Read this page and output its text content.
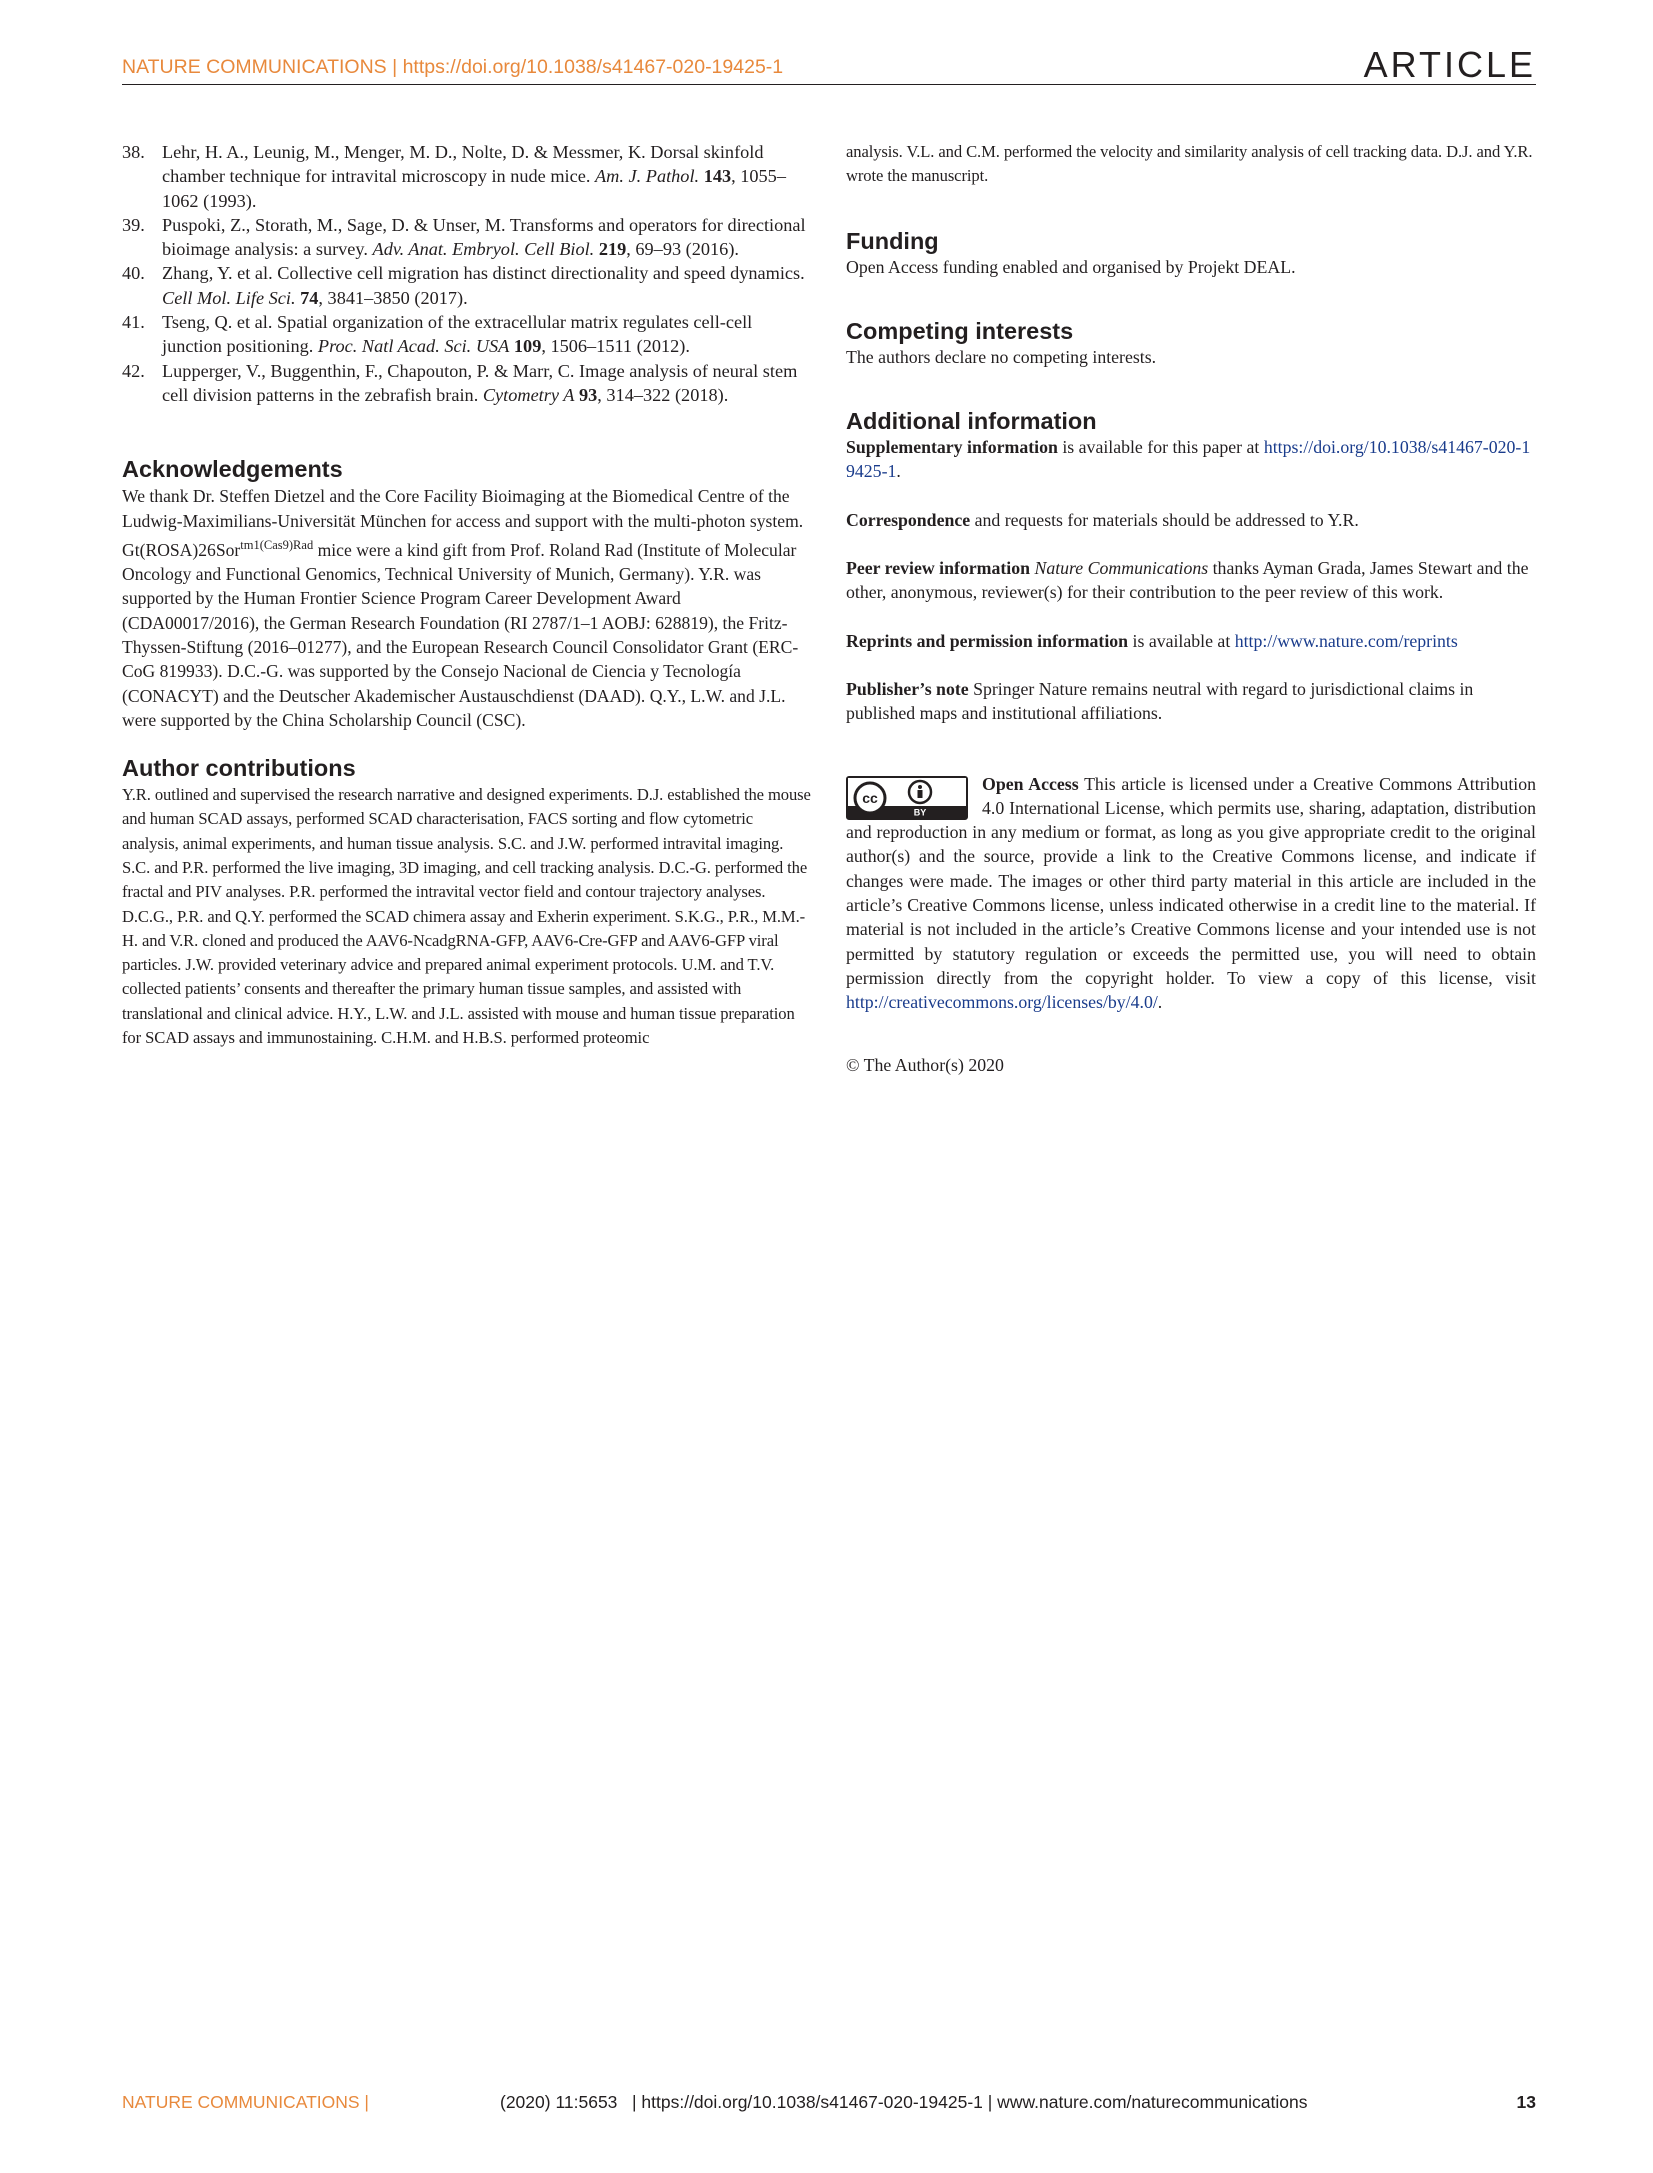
NATURE COMMUNICATIONS | https://doi.org/10.1038/s41467-020-19425-1	ARTICLE
38. Lehr, H. A., Leunig, M., Menger, M. D., Nolte, D. & Messmer, K. Dorsal skinfold chamber technique for intravital microscopy in nude mice. Am. J. Pathol. 143, 1055–1062 (1993).
39. Puspoki, Z., Storath, M., Sage, D. & Unser, M. Transforms and operators for directional bioimage analysis: a survey. Adv. Anat. Embryol. Cell Biol. 219, 69–93 (2016).
40. Zhang, Y. et al. Collective cell migration has distinct directionality and speed dynamics. Cell Mol. Life Sci. 74, 3841–3850 (2017).
41. Tseng, Q. et al. Spatial organization of the extracellular matrix regulates cell-cell junction positioning. Proc. Natl Acad. Sci. USA 109, 1506–1511 (2012).
42. Lupperger, V., Buggenthin, F., Chapouton, P. & Marr, C. Image analysis of neural stem cell division patterns in the zebrafish brain. Cytometry A 93, 314–322 (2018).
Acknowledgements

We thank Dr. Steffen Dietzel and the Core Facility Bioimaging at the Biomedical Centre of the Ludwig-Maximilians-Universität München for access and support with the multi-photon system. Gt(ROSA)26Sor$^{tm1(Cas9)Rad}$ mice were a kind gift from Prof. Roland Rad (Institute of Molecular Oncology and Functional Genomics, Technical University of Munich, Germany). Y.R. was supported by the Human Frontier Science Program Career Development Award (CDA00017/2016), the German Research Foundation (RI 2787/1–1 AOBJ: 628819), the Fritz-Thyssen-Stiftung (2016–01277), and the European Research Council Consolidator Grant (ERC-CoG 819933). D.C.-G. was supported by the Consejo Nacional de Ciencia y Tecnología (CONACYT) and the Deutscher Akademischer Austauschdienst (DAAD). Q.Y., L.W. and J.L. were supported by the China Scholarship Council (CSC).

Author contributions

Y.R. outlined and supervised the research narrative and designed experiments. D.J. established the mouse and human SCAD assays, performed SCAD characterisation, FACS sorting and flow cytometric analysis, animal experiments, and human tissue analysis. S.C. and J.W. performed intravital imaging. S.C. and P.R. performed the live imaging, 3D imaging, and cell tracking analysis. D.C.-G. performed the fractal and PIV analyses. P.R. performed the intravital vector field and contour trajectory analyses. D.C.G., P.R. and Q.Y. performed the SCAD chimera assay and Exherin experiment. S.K.G., P.R., M.M.-H. and V.R. cloned and produced the AAV6-NcadgRNA-GFP, AAV6-Cre-GFP and AAV6-GFP viral particles. J.W. provided veterinary advice and prepared animal experiment protocols. U.M. and T.V. collected patients’ consents and thereafter the primary human tissue samples, and assisted with translational and clinical advice. H.Y., L.W. and J.L. assisted with mouse and human tissue preparation for SCAD assays and immunostaining. C.H.M. and H.B.S. performed proteomic

analysis. V.L. and C.M. performed the velocity and similarity analysis of cell tracking data. D.J. and Y.R. wrote the manuscript.

Funding

Open Access funding enabled and organised by Projekt DEAL.

Competing interests

The authors declare no competing interests.

Additional information

Supplementary information is available for this paper at https://doi.org/10.1038/s41467-020-19425-1.

Correspondence and requests for materials should be addressed to Y.R.

Peer review information Nature Communications thanks Ayman Grada, James Stewart and the other, anonymous, reviewer(s) for their contribution to the peer review of this work.

Reprints and permission information is available at http://www.nature.com/reprints

Publisher’s note Springer Nature remains neutral with regard to jurisdictional claims in published maps and institutional affiliations.

cc
BY

Open Access This article is licensed under a Creative Commons Attribution 4.0 International License, which permits use, sharing, adaptation, distribution and reproduction in any medium or format, as long as you give appropriate credit to the original author(s) and the source, provide a link to the Creative Commons license, and indicate if changes were made. The images or other third party material in this article are included in the article’s Creative Commons license, unless indicated otherwise in a credit line to the material. If material is not included in the article’s Creative Commons license and your intended use is not permitted by statutory regulation or exceeds the permitted use, you will need to obtain permission directly from the copyright holder. To view a copy of this license, visit http://creativecommons.org/licenses/by/4.0/.

© The Author(s) 2020

NATURE COMMUNICATIONS |	(2020) 11:5653   | https://doi.org/10.1038/s41467-020-19425-1 | www.nature.com/naturecommunications	13
